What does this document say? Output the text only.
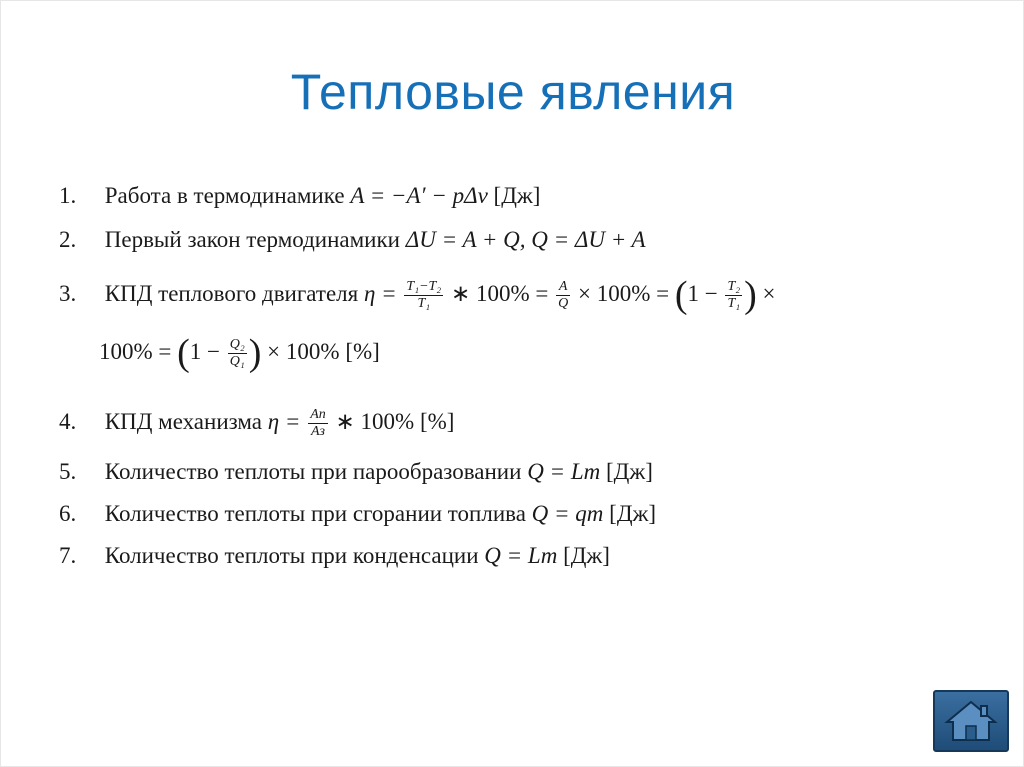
Тепловые явления
1. Работа в термодинамике A = −A′ − pΔv [Дж]
2. Первый закон термодинамики ΔU = A + Q, Q = ΔU + A
3. КПД теплового двигателя $\eta = \frac{\text{T₁−T₂}}{\text{T₁}}$ ∗ $100\% = \frac{A}{Q} \times 100\% = (1 - \frac{\text{T₂}}{\text{T₁}}$ ) ×
$100\% = (1 - \frac{\text{Q₂}}{\text{Q₁}}$ ) × 100% [%]
4. КПД механизма $\eta = \frac{Aп}{Aз}$ ∗ 100% [%]
5. Количество теплоты при парообразовании Q = Lm [Дж]
6. Количество теплоты при сгорании топлива Q = qm [Дж]
7. Количество теплоты при конденсации Q = Lm [Дж]
